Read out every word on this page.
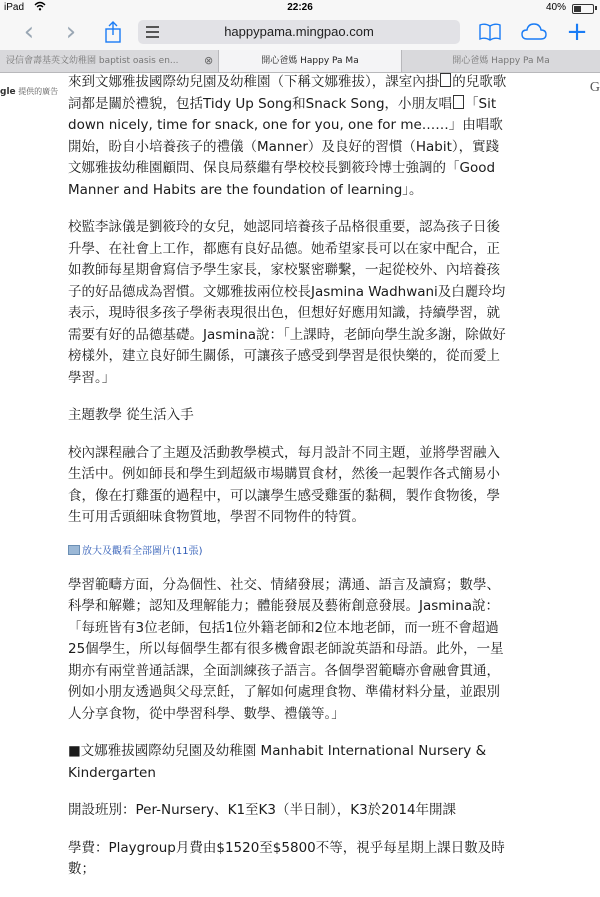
iPad	22:26	40%
‹ ›	happypama.mingpao.com	+
浸信會壽基英文幼稚園 baptist oasis en...	⊗	開心爸媽 Happy Pa Ma	開心爸媽 Happy Pa Ma
gle 提供的廣告	G

來到文娜雅拔國際幼兒園及幼稚園（下稱文娜雅拔），課室內掛 的兒歌歌詞都是關於禮貌，包括Tidy Up Song和Snack Song，小朋友唱 「Sit down nicely, time for snack, one for you, one for me……」由唱歌開始，盼自小培養孩子的禮儀（Manner）及良好的習慣（Habit），實踐文娜雅拔幼稚園顧問、保良局蔡繼有學校校長劉筱玲博士強調的「Good Manner and Habits are the foundation of learning」。

校監李詠儀是劉筱玲的女兒，她認同培養孩子品格很重要，認為孩子日後升學、在社會上工作，都應有良好品德。她希望家長可以在家中配合，正如教師每星期會寫信予學生家長，家校緊密聯繫，一起從校外、內培養孩子的好品德成為習慣。文娜雅拔兩位校長Jasmina Wadhwani及白麗玲均表示，現時很多孩子學術表現很出色，但想好好應用知識，持續學習，就需要有好的品德基礎。Jasmina說：「上課時，老師向學生說多謝，除做好榜樣外，建立良好師生關係，可讓孩子感受到學習是很快樂的，從而愛上學習。」

主題教學 從生活入手

校內課程融合了主題及活動教學模式，每月設計不同主題，並將學習融入生活中。例如師長和學生到超級市場購買食材，然後一起製作各式簡易小食，像在打雞蛋的過程中，可以讓學生感受雞蛋的黏稠，製作食物後，學生可用舌頭細味食物質地，學習不同物件的特質。

放大及觀看全部圖片(11張)

學習範疇方面，分為個性、社交、情緒發展；溝通、語言及讀寫；數學、科學和解難；認知及理解能力；體能發展及藝術創意發展。Jasmina說：「每班皆有3位老師，包括1位外籍老師和2位本地老師，而一班不會超過25個學生，所以每個學生都有很多機會跟老師說英語和母語。此外，一星期亦有兩堂普通話課，全面訓練孩子語言。各個學習範疇亦會融會貫通，例如小朋友透過與父母烹飪，了解如何處理食物、準備材料分量，並跟別人分享食物，從中學習科學、數學、禮儀等。」

■文娜雅拔國際幼兒園及幼稚園 Manhabit International Nursery & Kindergarten

開設班別：Per-Nursery、K1至K3（半日制），K3於2014年開課

學費：Playgroup月費由$1520至$5800不等，視乎每星期上課日數及時數；
